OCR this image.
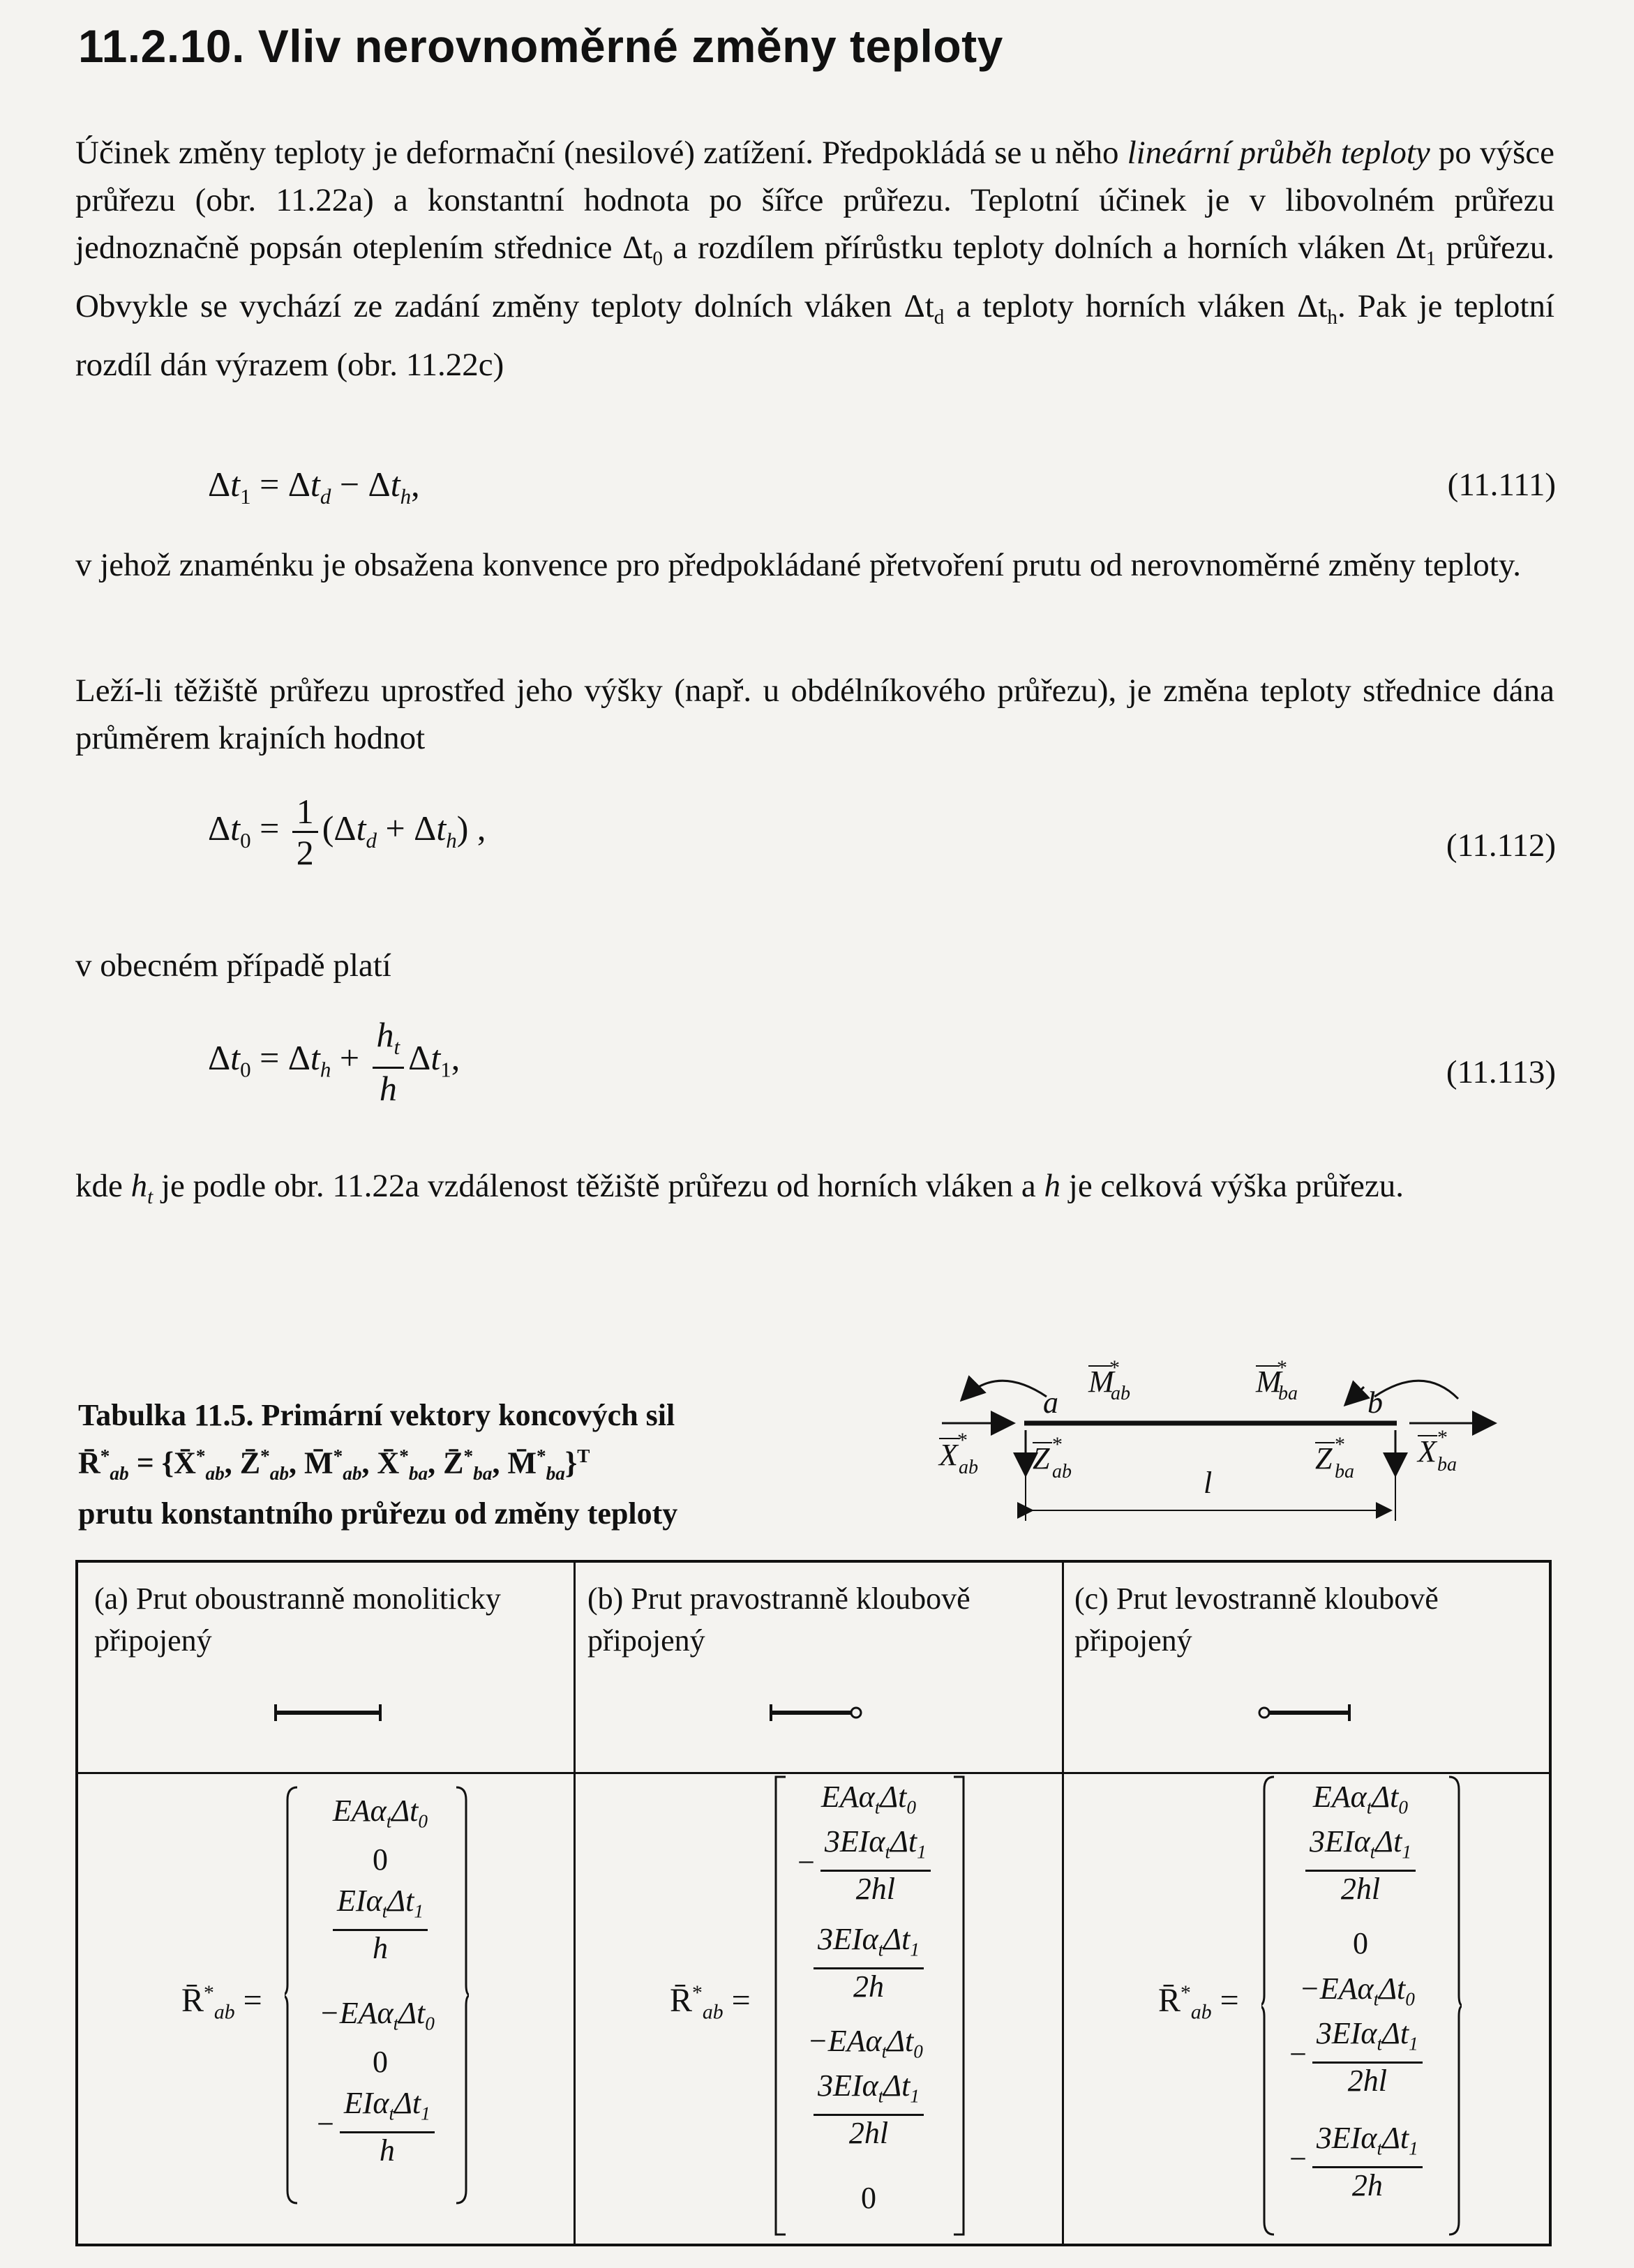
11.2.10. Vliv nerovnoměrné změny teploty
Účinek změny teploty je deformační (nesilové) zatížení. Předpokládá se u něho lineární průběh teploty po výšce průřezu (obr. 11.22a) a konstantní hodnota po šířce průřezu. Teplotní účinek je v libovolném průřezu jednoznačně popsán oteplením střednice $\Delta t_0$ a rozdílem přírůstku teploty dolních a horních vláken $\Delta t_1$ průřezu. Obvykle se vychází ze zadání změny teploty dolních vláken $\Delta t_d$ a teploty horních vláken $\Delta t_h$. Pak je teplotní rozdíl dán výrazem (obr. 11.22c)
$\Delta t_1 = \Delta t_d - \Delta t_h$,	(11.111)
v jehož znaménku je obsažena konvence pro předpokládané přetvoření prutu od nerovnoměrné změny teploty.
Leží-li těžiště průřezu uprostřed jeho výšky (např. u obdélníkového průřezu), je změna teploty střednice dána průměrem krajních hodnot
$\Delta t_0 = \frac{1}{2} (\Delta t_d + \Delta t_h)$ ,	(11.112)
v obecném případě platí
$\Delta t_0 = \Delta t_h + \frac{h_t}{h} \Delta t_1$,	(11.113)
kde $h_t$ je podle obr. 11.22a vzdálenost těžiště průřezu od horních vláken a h je celková výška průřezu.
Tabulka 11.5. Primární vektory koncových sil
$R̄^*_{ab}$ = {$X̄^*_{ab}$, $Z̄^*_{ab}$, $M̄^*_{ab}$, $X̄^*_{ba}$, $Z̄^*_{ba}$, $M̄^*_{ba}\}^T$
prutu konstantního průřezu od změny teploty
a	b
l
M
*
ab	M
*
ba
X *
ab Z *
ab	Z *
ba
X *
ba
(a) Prut oboustranně monoliticky připojený
(b) Prut pravostranně kloubově připojený
(c) Prut levostranně kloubově připojený
$R̄^*_{ab}$ =
$EA\alpha_t\Delta t_0$
0
$\frac{EI\alpha_t\Delta t_1}{h}$
$-EA\alpha_t\Delta t_0$
0
− $\frac{EI\alpha_t\Delta t_1}{h}$
$R̄^*_{ab}$ =
$EA\alpha_t\Delta t_0$
− $\frac{3EI\alpha_t\Delta t_1}{2hl}$
$\frac{3EI\alpha_t\Delta t_1}{2h}$
$-EA\alpha_t\Delta t_0$
$\frac{3EI\alpha_t\Delta t_1}{2hl}$
0
$R̄^*_{ab}$ =
$EA\alpha_t\Delta t_0$
$\frac{3EI\alpha_t\Delta t_1}{2hl}$
0
$-EA\alpha_t\Delta t_0$
− $\frac{3EI\alpha_t\Delta t_1}{2hl}$
− $\frac{3EI\alpha_t\Delta t_1}{2h}$
